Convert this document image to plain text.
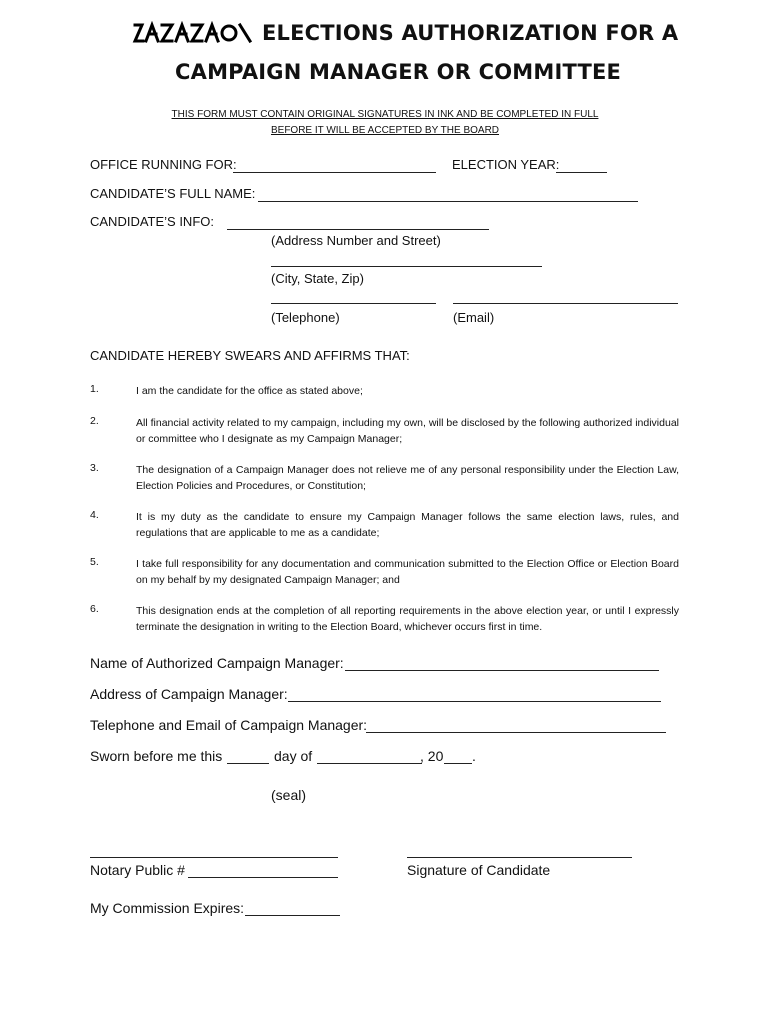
ELECTIONS AUTHORIZATION FOR A
CAMPAIGN MANAGER OR COMMITTEE
THIS FORM MUST CONTAIN ORIGINAL SIGNATURES IN INK AND BE COMPLETED IN FULL
BEFORE IT WILL BE ACCEPTED BY THE BOARD
OFFICE RUNNING FOR:	ELECTION YEAR:
CANDIDATE’S FULL NAME:
CANDIDATE’S INFO:
(Address Number and Street)
(City, State, Zip)
(Telephone)	(Email)
CANDIDATE HEREBY SWEARS AND AFFIRMS THAT:
1.	I am the candidate for the office as stated above;
2.	All financial activity related to my campaign, including my own, will be disclosed by the following authorized individual or committee who I designate as my Campaign Manager;
3.	The designation of a Campaign Manager does not relieve me of any personal responsibility under the Election Law, Election Policies and Procedures, or Constitution;
4.	It is my duty as the candidate to ensure my Campaign Manager follows the same election laws, rules, and regulations that are applicable to me as a candidate;
5.	I take full responsibility for any documentation and communication submitted to the Election Office or Election Board on my behalf by my designated Campaign Manager; and
6.	This designation ends at the completion of all reporting requirements in the above election year, or until I expressly terminate the designation in writing to the Election Board, whichever occurs first in time.
Name of Authorized Campaign Manager:
Address of Campaign Manager:
Telephone and Email of Campaign Manager:
Sworn before me this	day of	, 20 .
(seal)
Notary Public #	Signature of Candidate
My Commission Expires:
